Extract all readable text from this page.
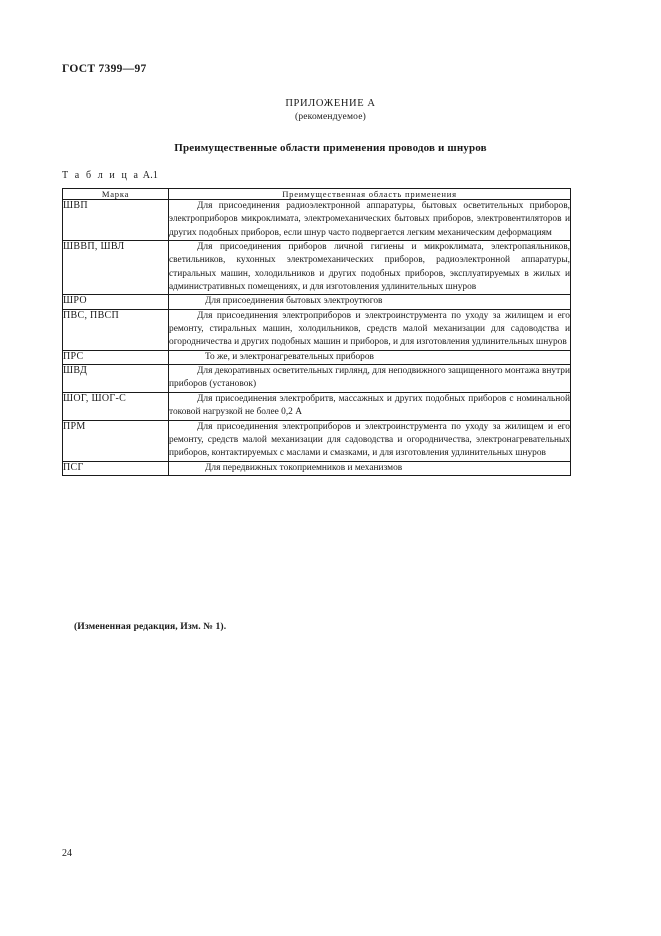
ГОСТ 7399—97
ПРИЛОЖЕНИЕ А
(рекомендуемое)
Преимущественные области применения проводов и шнуров
Т а б л и ц а А.1
Марка	Преимущественная область применения
ШВП	Для присоединения радиоэлектронной аппаратуры, бытовых осветительных приборов, электроприборов микроклимата, электромеханических бытовых приборов, электровентиляторов и других подобных приборов, если шнур часто подвергается легким механическим деформациям

ШВВП, ШВЛ	Для присоединения приборов личной гигиены и микроклимата, электропаяльников, светильников, кухонных электромеханических приборов, радиоэлектронной аппаратуры, стиральных машин, холодильников и других подобных приборов, эксплуатируемых в жилых и административных помещениях, и для изготовления удлинительных шнуров

ШРО	Для присоединения бытовых электроутюгов

ПВС, ПВСП	Для присоединения электроприборов и электроинструмента по уходу за жилищем и его ремонту, стиральных машин, холодильников, средств малой механизации для садоводства и огородничества и других подобных машин и приборов, и для изготовления удлинительных шнуров

ПРС	То же, и электронагревательных приборов

ШВД	Для декоративных осветительных гирлянд, для неподвижного защищенного монтажа внутри приборов (установок)

ШОГ, ШОГ-С	Для присоединения электробритв, массажных и других подобных приборов с номинальной токовой нагрузкой не более 0,2 А

ПРМ	Для присоединения электроприборов и электроинструмента по уходу за жилищем и его ремонту, средств малой механизации для садоводства и огородничества, электронагревательных приборов, контактируемых с маслами и смазками, и для изготовления удлинительных шнуров

ПСГ	Для передвижных токоприемников и механизмов

(Измененная редакция, Изм. № 1).
24
